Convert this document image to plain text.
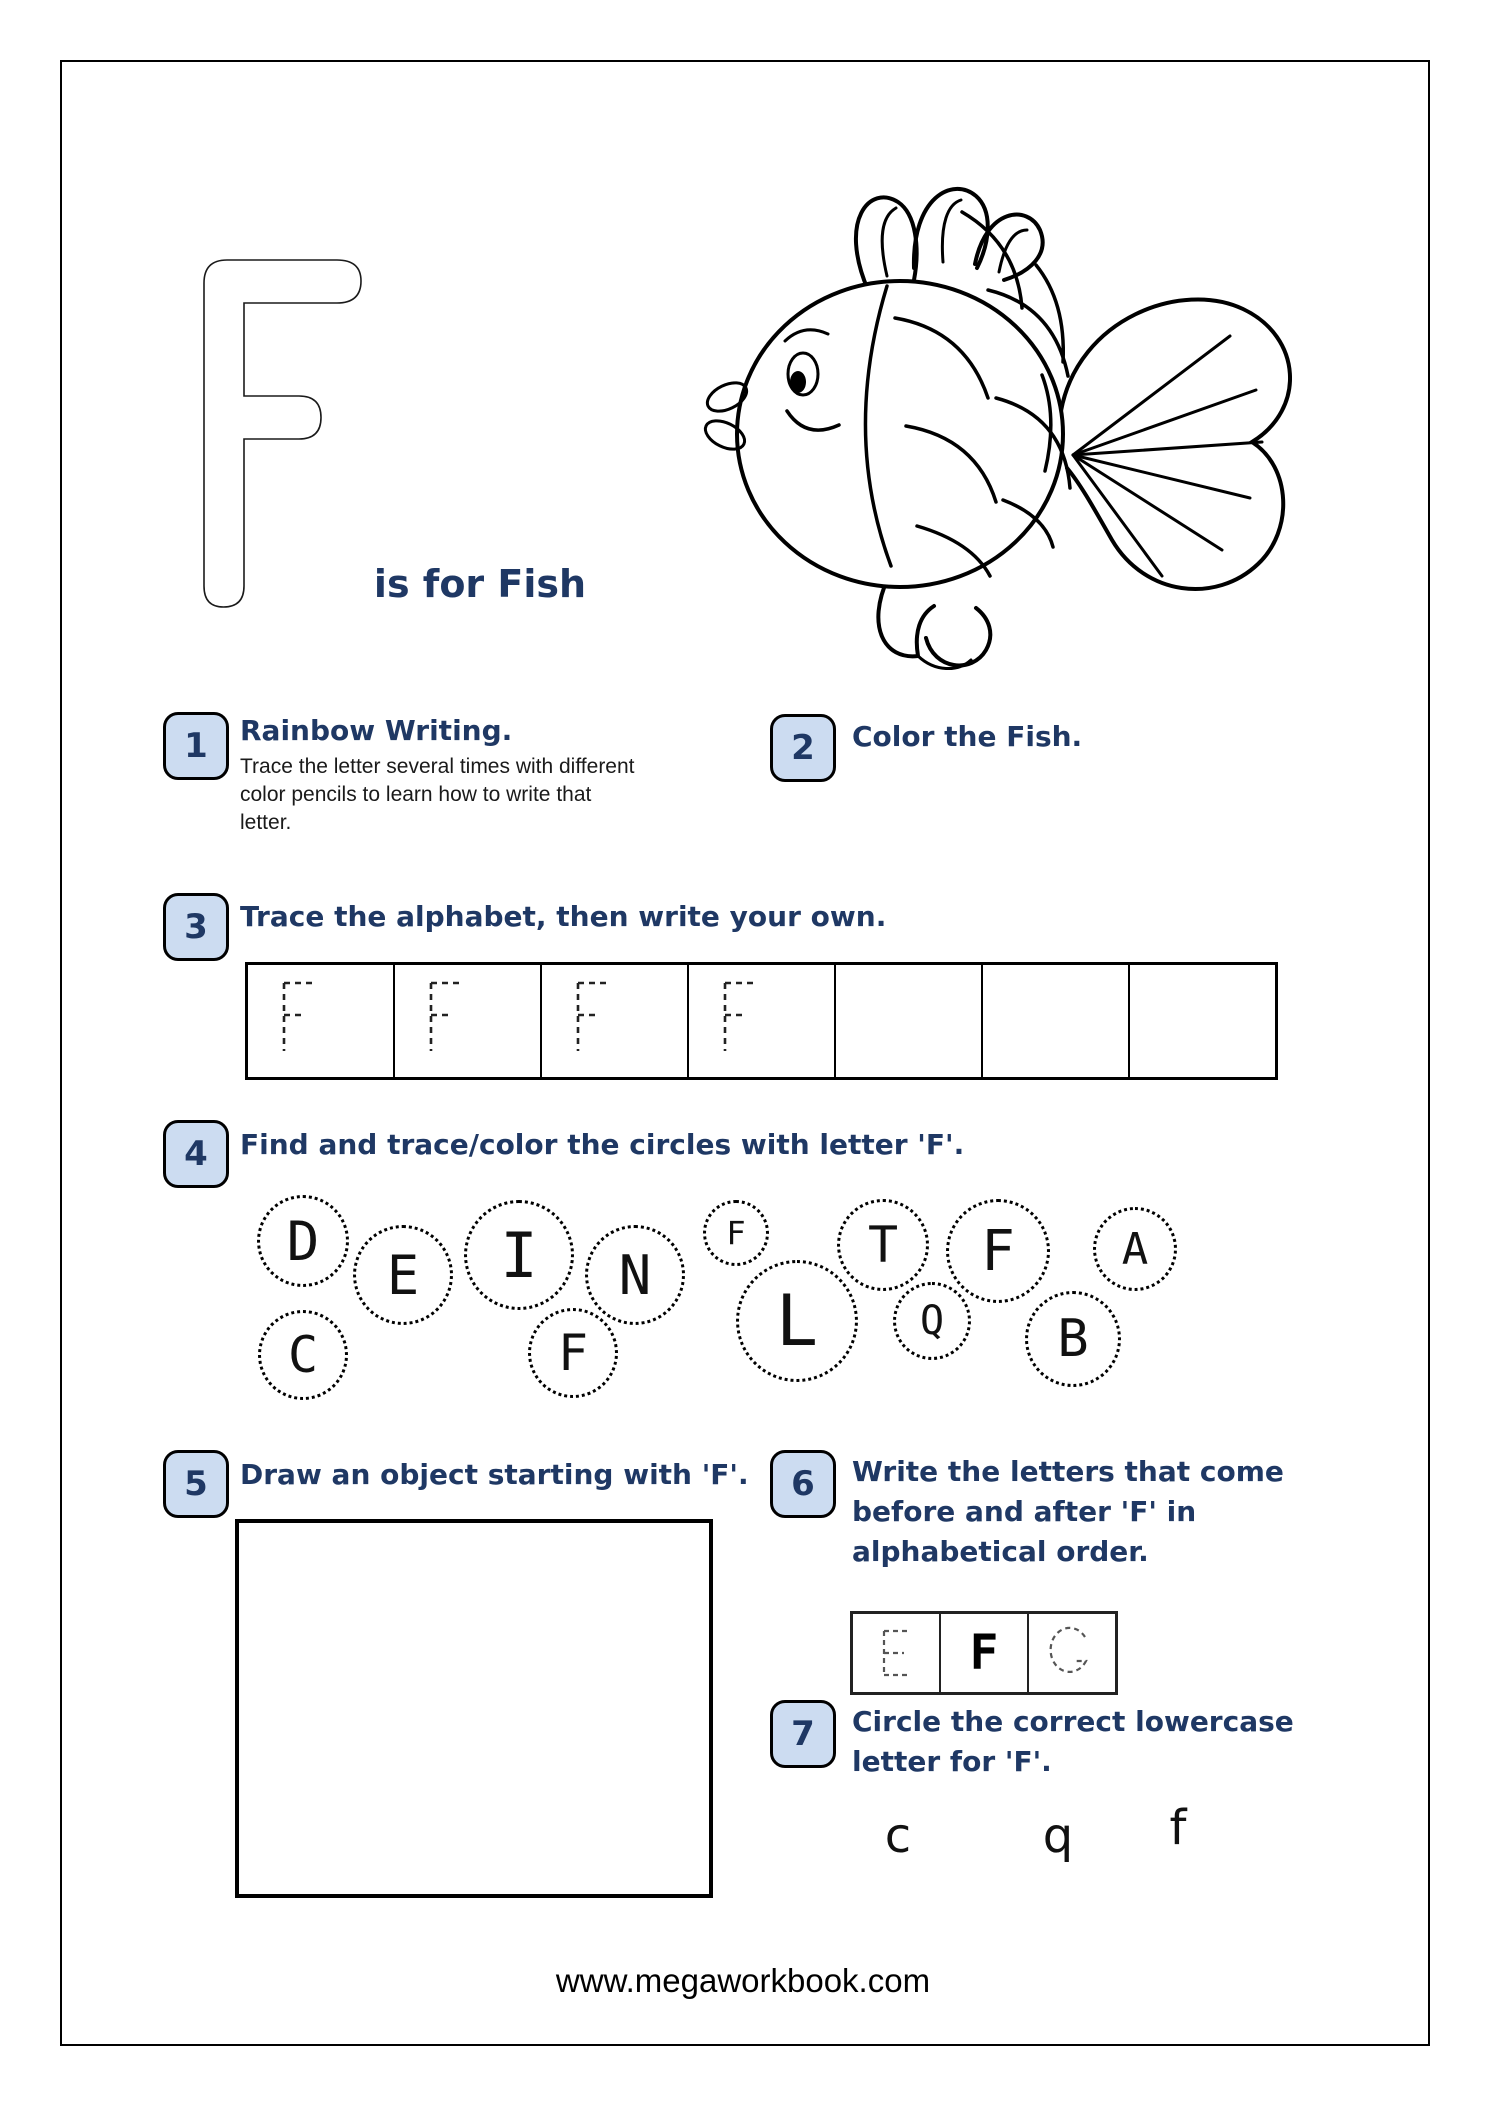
is for Fish
1 Rainbow Writing.
Trace the letter several times with different
color pencils to learn how to write that
letter.
2 Color the Fish.
3 Trace the alphabet, then write your own.
4 Find and trace/color the circles with letter 'F'.
D
C
E I
F
N
F
L
T
Q
F
B
A
5 Draw an object starting with 'F'. 6 Write the letters that come
before and after 'F' in
alphabetical order.
F
7 Circle the correct lowercase
letter for 'F'.
c	q	f
www.megaworkbook.com
